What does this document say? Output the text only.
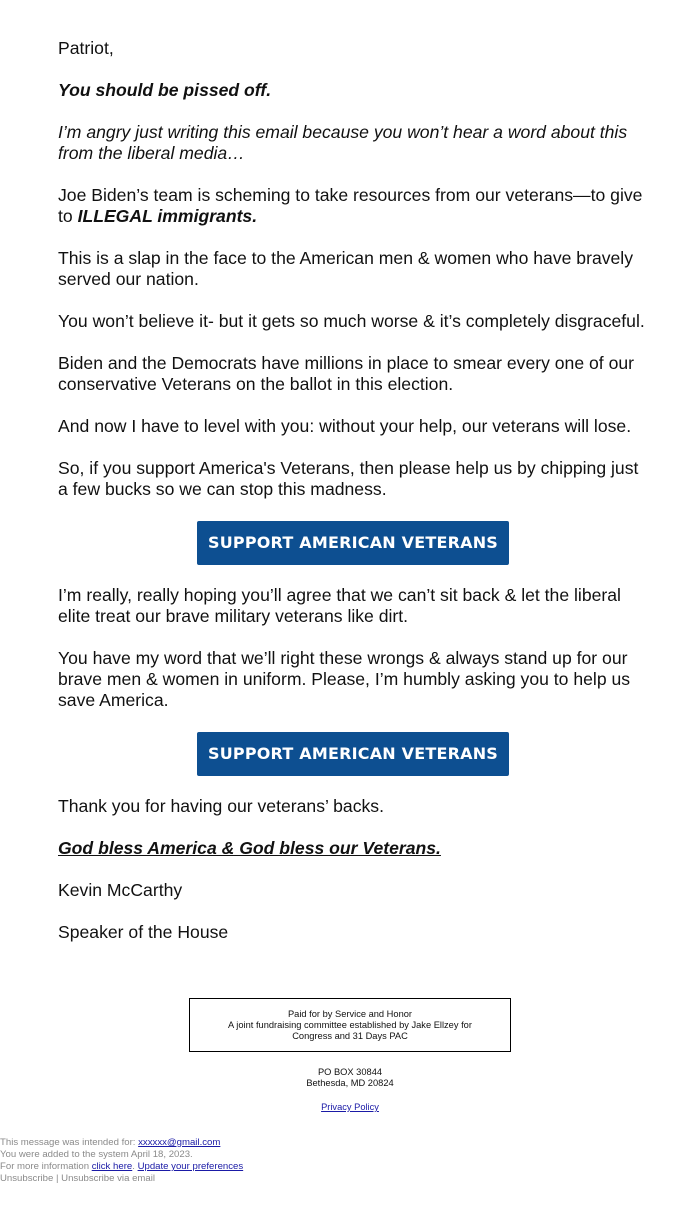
Patriot,

You should be pissed off.

I’m angry just writing this email because you won’t hear a word about this from the liberal media…

Joe Biden’s team is scheming to take resources from our veterans—to give to ILLEGAL immigrants.

This is a slap in the face to the American men & women who have bravely served our nation.

You won’t believe it- but it gets so much worse & it’s completely disgraceful.

Biden and the Democrats have millions in place to smear every one of our conservative Veterans on the ballot in this election.

And now I have to level with you: without your help, our veterans will lose.

So, if you support America's Veterans, then please help us by chipping just a few bucks so we can stop this madness.

SUPPORT AMERICAN VETERANS

I’m really, really hoping you’ll agree that we can’t sit back & let the liberal elite treat our brave military veterans like dirt.

You have my word that we’ll right these wrongs & always stand up for our brave men & women in uniform. Please, I’m humbly asking you to help us save America.

SUPPORT AMERICAN VETERANS

Thank you for having our veterans’ backs.

God bless America & God bless our Veterans.

Kevin McCarthy

Speaker of the House

Paid for by Service and Honor
A joint fundraising committee established by Jake Ellzey for
Congress and 31 Days PAC
PO BOX 30844
Bethesda, MD 20824
Privacy Policy
This message was intended for: xxxxxx@gmail.com
You were added to the system April 18, 2023.
For more information click here. Update your preferences
Unsubscribe | Unsubscribe via email
